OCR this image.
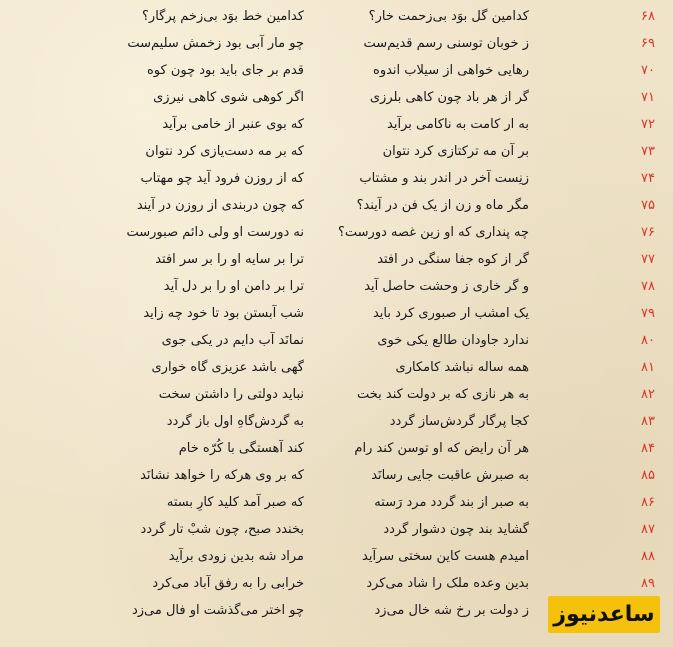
۶۸
کدامین گل بوَد بی‌زحمت خار؟
کدامین خط بوَد بی‌زخم پرگار؟
۶۹
ز خوبان توسنی رسم قدیم‌ست
چو مار آبی بود زخمش سلیم‌ست
۷۰
رهایی خواهی از سیلاب اندوه
قدم بر جای باید بود چون کوه
۷۱
گر از هر باد چون کاهی بلرزی
اگر کوهی شوی کاهی نیرزی
۷۲
به ار کامت به ناکامی برآید
که بوی عنبر از خامی برآید
۷۳
بر آن مه ترکتازی کرد نتوان
که بر مه دست‌یازی کرد نتوان
۷۴
زنِست آخر در اندر بند و مشتاب
که از روزن فرود آید چو مهتاب
۷۵
مگر ماه و زن از یک فن در آیند؟
که چون دربندی از روزن در آیند
۷۶
چه پنداری که او زین غصه دورست؟
نه دورست او ولی دائم صبورست
۷۷
گر از کوه جفا سنگی در افتد
ترا بر سایه او را بر سر افتد
۷۸
و گر خاری ز وحشت حاصل آید
ترا بر دامن او را بر دل آید
۷۹
یک امشب ار صبوری کرد باید
شب آبستن بود تا خود چه زاید
۸۰
ندارد جاودان طالع یکی خوی
نمانَد آب دایم در یکی جوی
۸۱
همه ساله نباشد کامکاری
گهی باشد عزیزی گاه خواری
۸۲
به هر نازی که بر دولت کند بخت
نباید دولتی را داشتن سخت
۸۳
کجا پرگار گردش‌ساز گردد
به گردش‌گاهِ اول باز گردد
۸۴
هر آن رایض که او توسن کند رام
کند آهستگی با کُرّه خام
۸۵
به صبرش عاقبت جایی رسانَد
که بر وی هرکه را خواهد نشانَد
۸۶
به صبر از بند گردد مرد رَسته
که صبر آمد کلید کارِ بسته
۸۷
گشاید بند چون دشوار گردد
بخندد صبح، چون شبْ تار گردد
۸۸
امیدم هست کاین سختی سرآید
مراد شه بدین زودی برآید
۸۹
بدین وعده ملک را شاد می‌کرد
خرابی را به رفق آباد می‌کرد
ز دولت بر رخ شه خال می‌زد
چو اختر می‌گذشت او فال می‌زد	ساعدنیوز
